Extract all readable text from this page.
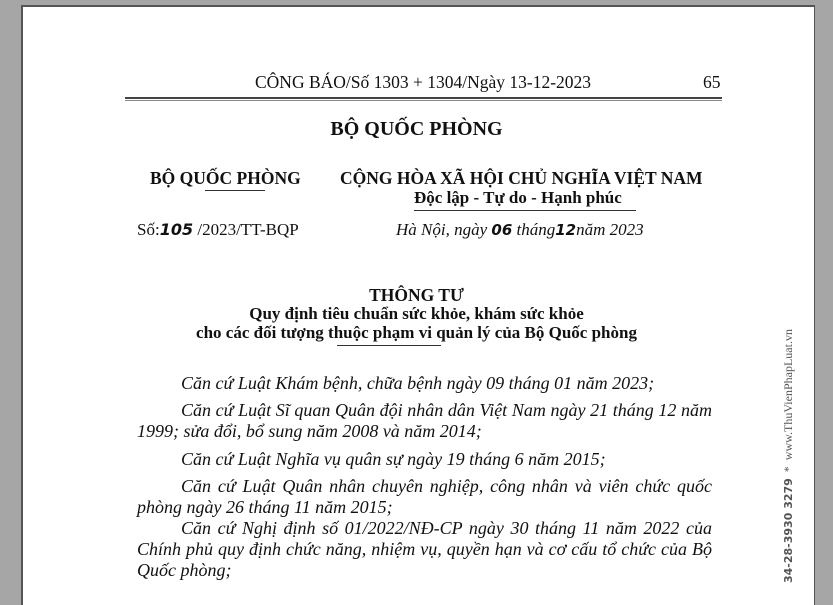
CÔNG BÁO/Số 1303 + 1304/Ngày 13-12-2023	65
BỘ QUỐC PHÒNG
BỘ QUỐC PHÒNG CỘNG HÒA XÃ HỘI CHỦ NGHĨA VIỆT NAM
Độc lập - Tự do - Hạnh phúc
Số:105 /2023/TT-BQP	Hà Nội, ngày 06 tháng12năm 2023
THÔNG TƯ
Quy định tiêu chuẩn sức khỏe, khám sức khỏe
cho các đối tượng thuộc phạm vi quản lý của Bộ Quốc phòng

Căn cứ Luật Khám bệnh, chữa bệnh ngày 09 tháng 01 năm 2023;

Căn cứ Luật Sĩ quan Quân đội nhân dân Việt Nam ngày 21 tháng 12 năm 1999; sửa đổi, bổ sung năm 2008 và năm 2014;

Căn cứ Luật Nghĩa vụ quân sự ngày 19 tháng 6 năm 2015;

Căn cứ Luật Quân nhân chuyên nghiệp, công nhân và viên chức quốc phòng ngày 26 tháng 11 năm 2015;

Căn cứ Nghị định số 01/2022/NĐ-CP ngày 30 tháng 11 năm 2022 của Chính phủ quy định chức năng, nhiệm vụ, quyền hạn và cơ cấu tổ chức của Bộ Quốc phòng;	34-28-3930 3279  *  www.ThuVienPhapLuat.vn
